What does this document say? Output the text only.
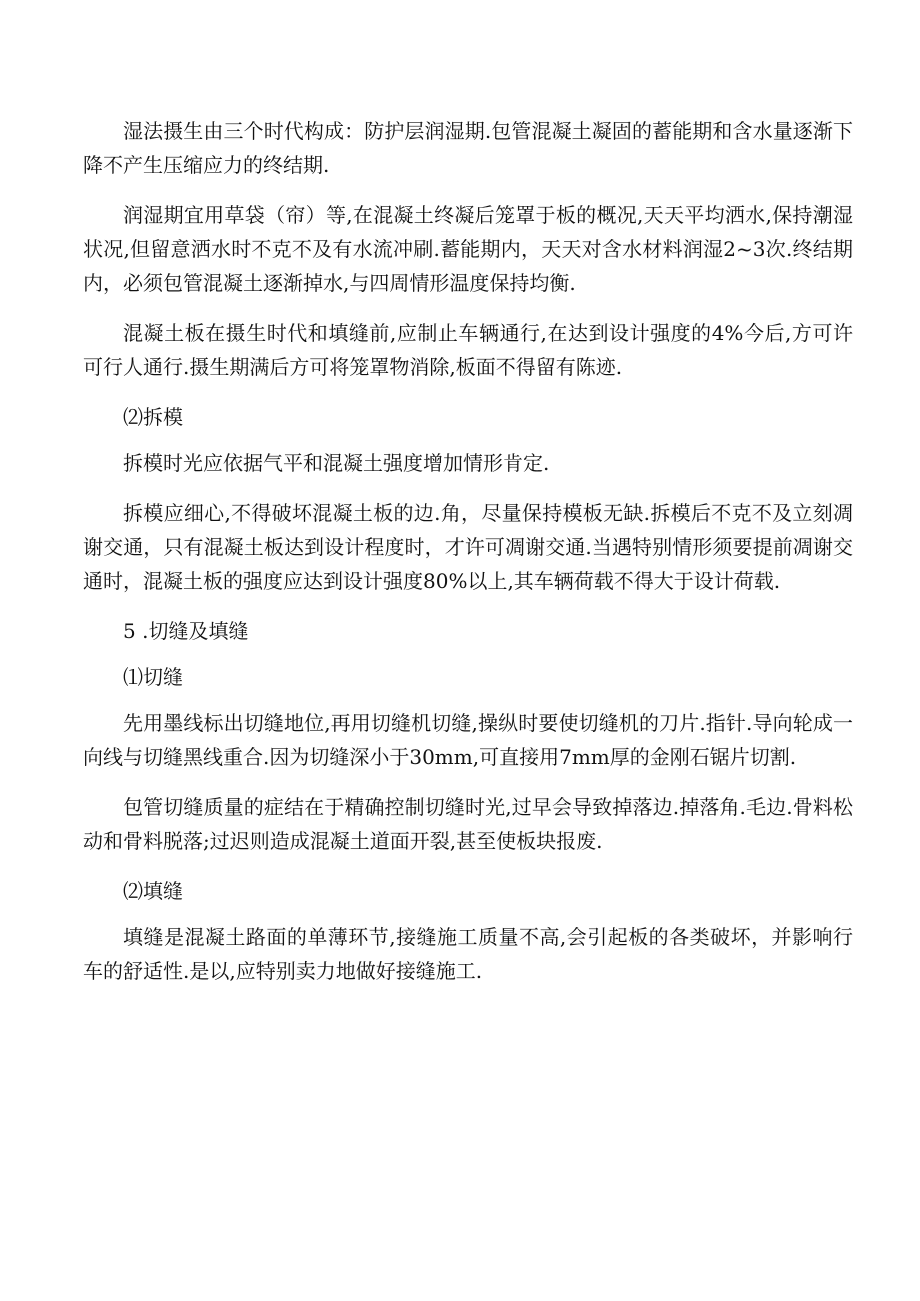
湿法摄生由三个时代构成：防护层润湿期.包管混凝土凝固的蓄能期和含水量逐渐下降不产生压缩应力的终结期.

润湿期宜用草袋（帘）等,在混凝土终凝后笼罩于板的概况,天天平均洒水,保持潮湿状况,但留意洒水时不克不及有水流冲刷.蓄能期内，天天对含水材料润湿2~3次.终结期内，必须包管混凝土逐渐掉水,与四周情形温度保持均衡.

混凝土板在摄生时代和填缝前,应制止车辆通行,在达到设计强度的4%今后,方可许可行人通行.摄生期满后方可将笼罩物消除,板面不得留有陈迹.

⑵拆模

拆模时光应依据气平和混凝土强度增加情形肯定.

拆模应细心,不得破坏混凝土板的边.角，尽量保持模板无缺.拆模后不克不及立刻凋谢交通，只有混凝土板达到设计程度时，才许可凋谢交通.当遇特别情形须要提前凋谢交通时，混凝土板的强度应达到设计强度80%以上,其车辆荷载不得大于设计荷载.

5 .切缝及填缝

⑴切缝

先用墨线标出切缝地位,再用切缝机切缝,操纵时要使切缝机的刀片.指针.导向轮成一向线与切缝黑线重合.因为切缝深小于30mm,可直接用7mm厚的金刚石锯片切割.

包管切缝质量的症结在于精确控制切缝时光,过早会导致掉落边.掉落角.毛边.骨料松动和骨料脱落;过迟则造成混凝土道面开裂,甚至使板块报废.

⑵填缝

填缝是混凝土路面的单薄环节,接缝施工质量不高,会引起板的各类破坏，并影响行车的舒适性.是以,应特别卖力地做好接缝施工.
